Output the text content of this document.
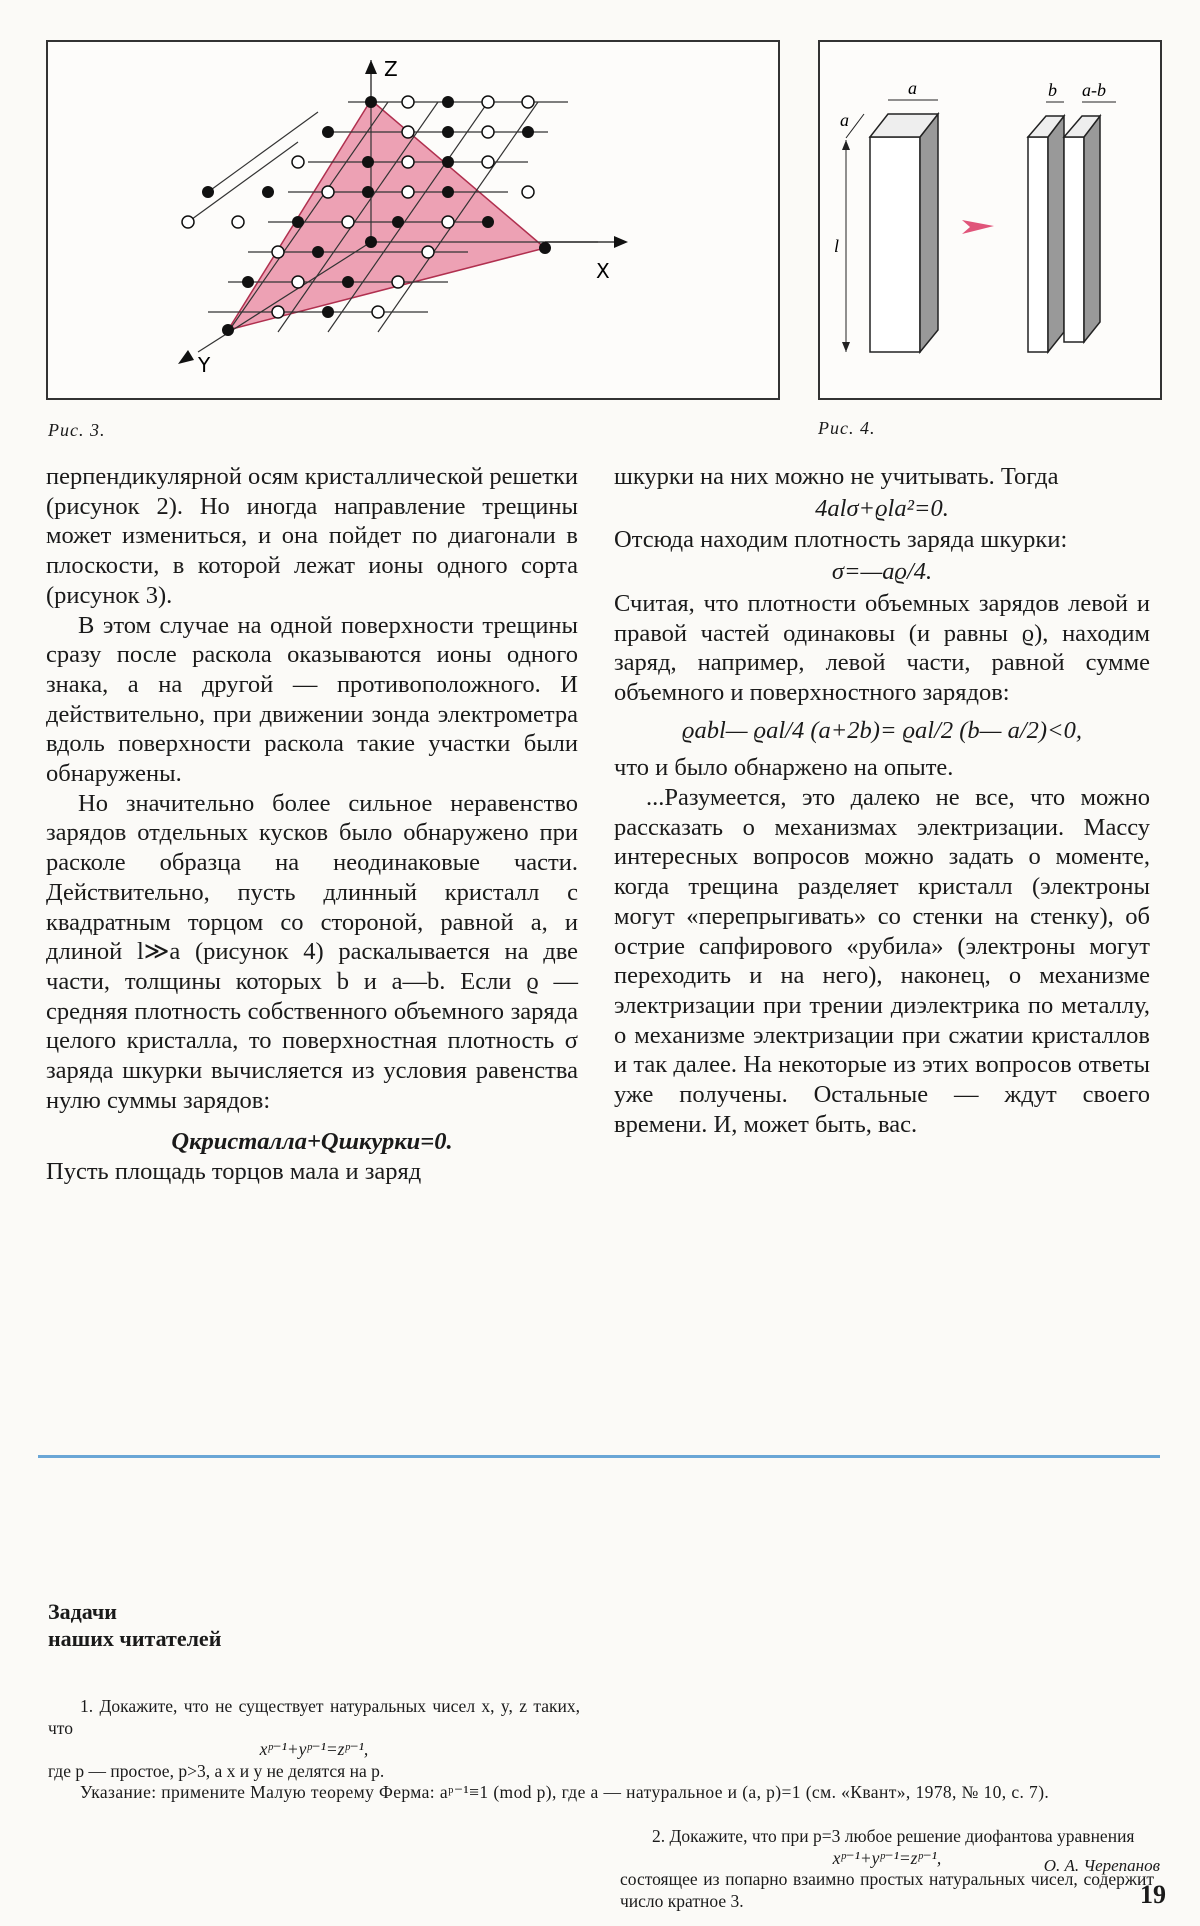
Z
X
Y
Рис. 3.
a
a
l
b a-b
Рис. 4.

перпендикулярной осям кристаллической решетки (рисунок 2). Но иногда направление трещины может измениться, и она пойдет по диагонали в плоскости, в которой лежат ионы одного сорта (рисунок 3).

В этом случае на одной поверхности трещины сразу после раскола оказываются ионы одного знака, а на другой — противоположного. И действительно, при движении зонда электрометра вдоль поверхности раскола такие участки были обнаружены.

Но значительно более сильное неравенство зарядов отдельных кусков было обнаружено при расколе образца на неодинаковые части. Действительно, пусть длинный кристалл с квадратным торцом со стороной, равной a, и длиной l≫a (рисунок 4) раскалывается на две части, толщины которых b и a—b. Если ϱ — средняя плотность собственного объемного заряда целого кристалла, то поверхностная плотность σ заряда шкурки вычисляется из условия равенства нулю суммы зарядов:

Qкристалла+Qшкурки=0.

Пусть площадь торцов мала и заряд

шкурки на них можно не учитывать. Тогда

4alσ+ϱla²=0.

Отсюда находим плотность заряда шкурки:

σ=—aϱ/4.

Считая, что плотности объемных зарядов левой и правой частей одинаковы (и равны ϱ), находим заряд, например, левой части, равной сумме объемного и поверхностного зарядов:

ϱabl— ϱal/4 (a+2b)= ϱal/2 (b— a/2)<0,

что и было обнаржено на опыте.

...Разумеется, это далеко не все, что можно рассказать о механизмах электризации. Массу интересных вопросов можно задать о моменте, когда трещина разделяет кристалл (электроны могут «перепрыгивать» со стенки на стенку), об острие сапфирового «рубила» (электроны могут переходить и на него), наконец, о механизме электризации при трении диэлектрика по металлу, о механизме электризации при сжатии кристаллов и так далее. На некоторые из этих вопросов ответы уже получены. Остальные — ждут своего времени. И, может быть, вас.

Задачи
наших читателей

1. Докажите, что не существует натуральных чисел x, y, z таких, что

xᵖ⁻¹+yᵖ⁻¹=zᵖ⁻¹,

где p — простое, p>3, а x и y не делятся на p.

Указание: примените Малую теорему Ферма: aᵖ⁻¹≡1 (mod p), где a — натуральное и (a, p)=1 (см. «Квант», 1978, № 10, с. 7).

2. Докажите, что при p=3 любое решение диофантова уравнения

xᵖ⁻¹+yᵖ⁻¹=zᵖ⁻¹,

состоящее из попарно взаимно простых натуральных чисел, содержит число кратное 3.

О. А. Черепанов
19
